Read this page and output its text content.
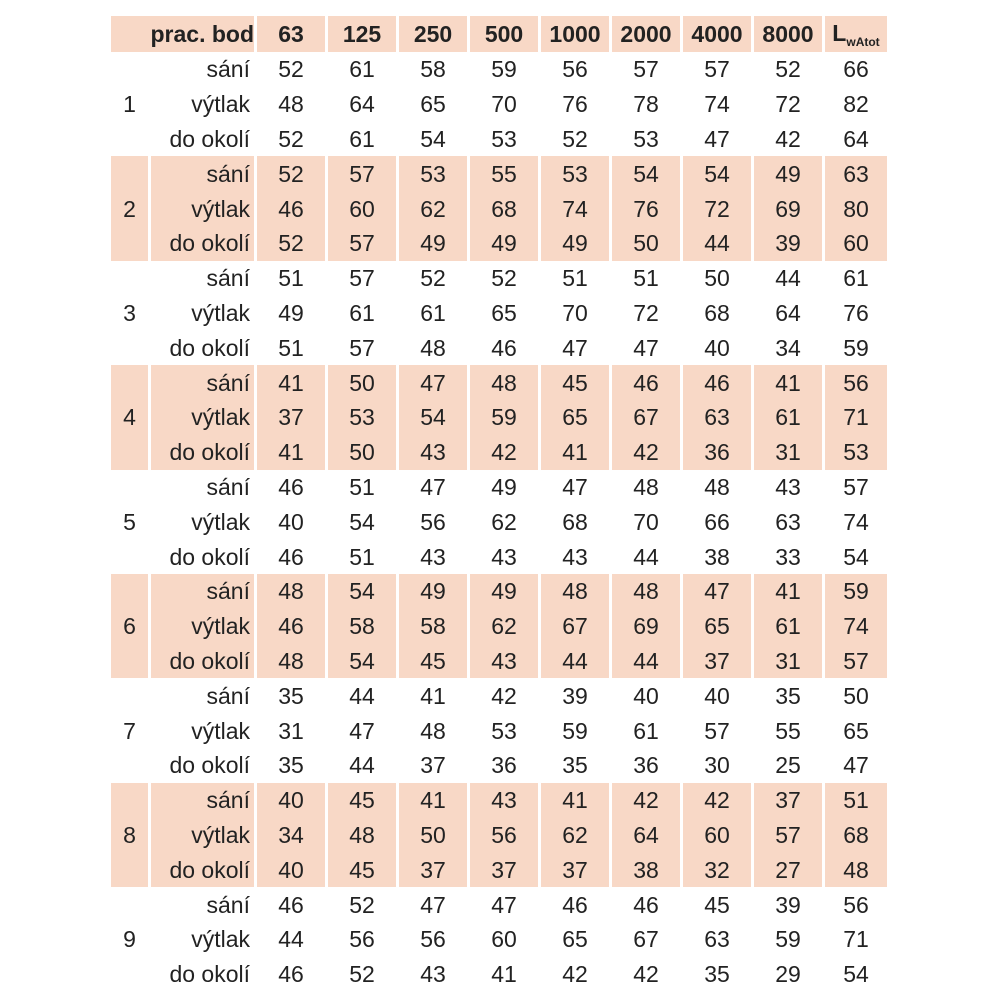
prac. bod		63	125	250	500	1000	2000	4000	8000	$L_{wAtot}$
1	sání	52	61	58	59	56	57	57	52	66
	výtlak	48	64	65	70	76	78	74	72	82
	do okolí	52	61	54	53	52	53	47	42	64
2	sání	52	57	53	55	53	54	54	49	63
	výtlak	46	60	62	68	74	76	72	69	80
	do okolí	52	57	49	49	49	50	44	39	60
3	sání	51	57	52	52	51	51	50	44	61
	výtlak	49	61	61	65	70	72	68	64	76
	do okolí	51	57	48	46	47	47	40	34	59
4	sání	41	50	47	48	45	46	46	41	56
	výtlak	37	53	54	59	65	67	63	61	71
	do okolí	41	50	43	42	41	42	36	31	53
5	sání	46	51	47	49	47	48	48	43	57
	výtlak	40	54	56	62	68	70	66	63	74
	do okolí	46	51	43	43	43	44	38	33	54
6	sání	48	54	49	49	48	48	47	41	59
	výtlak	46	58	58	62	67	69	65	61	74
	do okolí	48	54	45	43	44	44	37	31	57
7	sání	35	44	41	42	39	40	40	35	50
	výtlak	31	47	48	53	59	61	57	55	65
	do okolí	35	44	37	36	35	36	30	25	47
8	sání	40	45	41	43	41	42	42	37	51
	výtlak	34	48	50	56	62	64	60	57	68
	do okolí	40	45	37	37	37	38	32	27	48
9	sání	46	52	47	47	46	46	45	39	56
	výtlak	44	56	56	60	65	67	63	59	71
	do okolí	46	52	43	41	42	42	35	29	54
